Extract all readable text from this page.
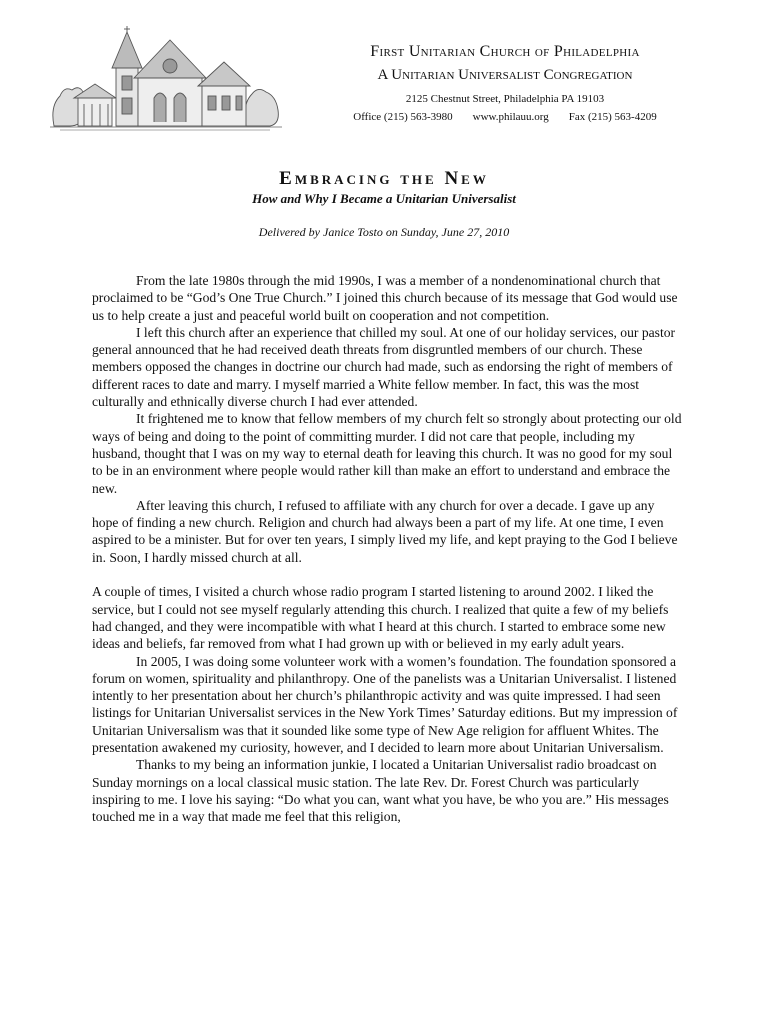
First Unitarian Church of Philadelphia
A Unitarian Universalist Congregation
2125 Chestnut Street, Philadelphia PA 19103
Office (215) 563-3980 www.philauu.org Fax (215) 563-4209
Embracing the New
How and Why I Became a Unitarian Universalist
Delivered by Janice Tosto on Sunday, June 27, 2010

From the late 1980s through the mid 1990s, I was a member of a nondenominational church that proclaimed to be “God’s One True Church.” I joined this church because of its message that God would use us to help create a just and peaceful world built on cooperation and not competition.

I left this church after an experience that chilled my soul. At one of our holiday services, our pastor general announced that he had received death threats from disgruntled members of our church. These members opposed the changes in doctrine our church had made, such as endorsing the right of members of different races to date and marry. I myself married a White fellow member. In fact, this was the most culturally and ethnically diverse church I had ever attended.

It frightened me to know that fellow members of my church felt so strongly about protecting our old ways of being and doing to the point of committing murder. I did not care that people, including my husband, thought that I was on my way to eternal death for leaving this church. It was no good for my soul to be in an environment where people would rather kill than make an effort to understand and embrace the new.

After leaving this church, I refused to affiliate with any church for over a decade. I gave up any hope of finding a new church. Religion and church had always been a part of my life. At one time, I even aspired to be a minister. But for over ten years, I simply lived my life, and kept praying to the God I believe in. Soon, I hardly missed church at all.

A couple of times, I visited a church whose radio program I started listening to around 2002. I liked the service, but I could not see myself regularly attending this church. I realized that quite a few of my beliefs had changed, and they were incompatible with what I heard at this church. I started to embrace some new ideas and beliefs, far removed from what I had grown up with or believed in my early adult years.

In 2005, I was doing some volunteer work with a women’s foundation. The foundation sponsored a forum on women, spirituality and philanthropy. One of the panelists was a Unitarian Universalist. I listened intently to her presentation about her church’s philanthropic activity and was quite impressed. I had seen listings for Unitarian Universalist services in the New York Times’ Saturday editions. But my impression of Unitarian Universalism was that it sounded like some type of New Age religion for affluent Whites. The presentation awakened my curiosity, however, and I decided to learn more about Unitarian Universalism.

Thanks to my being an information junkie, I located a Unitarian Universalist radio broadcast on Sunday mornings on a local classical music station. The late Rev. Dr. Forest Church was particularly inspiring to me. I love his saying: “Do what you can, want what you have, be who you are.” His messages touched me in a way that made me feel that this religion,
